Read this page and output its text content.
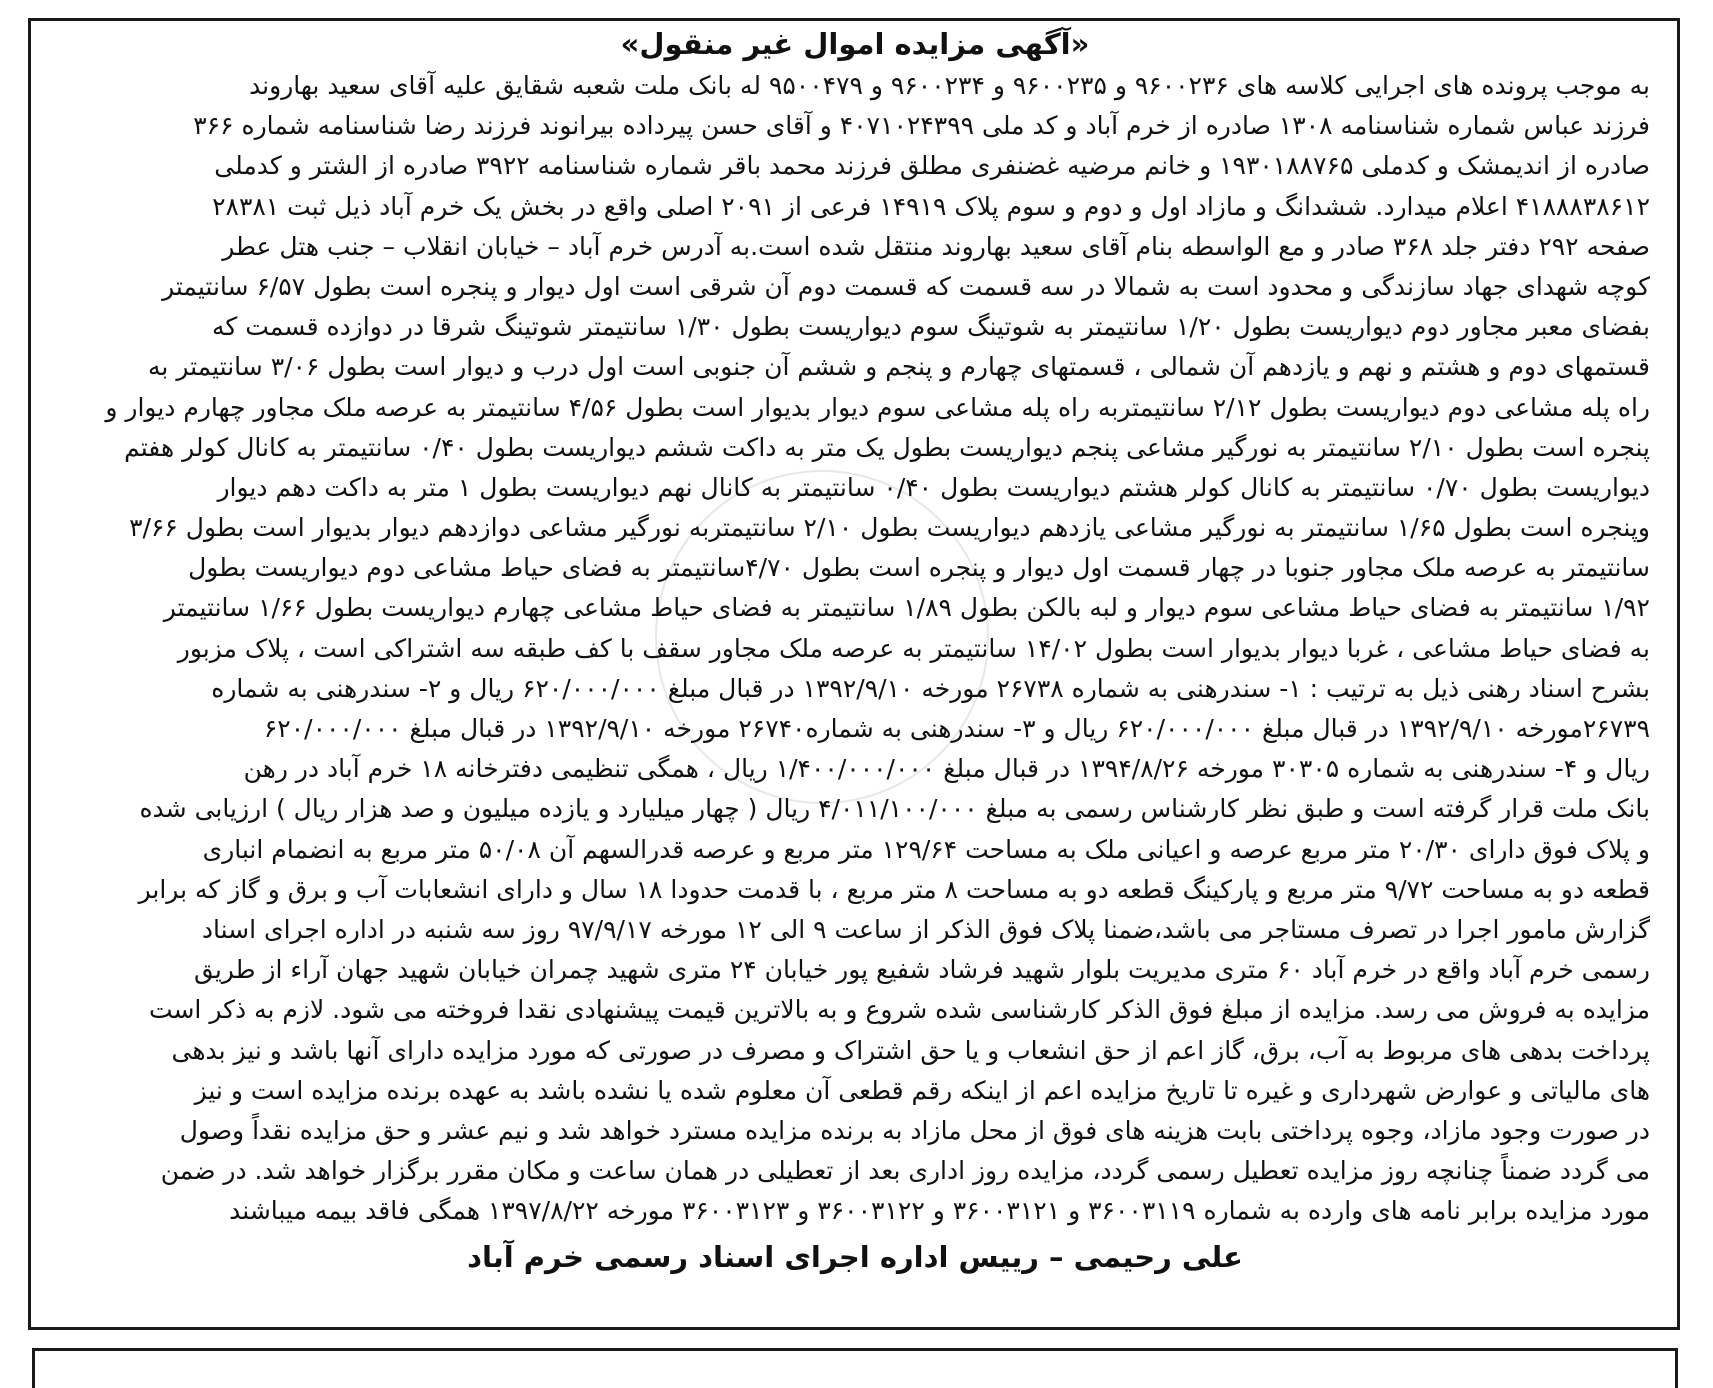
«آگهی مزایده اموال غیر منقول»

به موجب پرونده های اجرایی کلاسه های ۹۶۰۰۲۳۶ و ۹۶۰۰۲۳۵ و ۹۶۰۰۲۳۴ و ۹۵۰۰۴۷۹ له بانک ملت شعبه شقایق علیه آقای سعید بهاروند

فرزند عباس شماره شناسنامه ۱۳۰۸ صادره از خرم آباد و کد ملی ۴۰۷۱۰۲۴۳۹۹ و آقای حسن پیرداده بیرانوند فرزند رضا شناسنامه شماره ۳۶۶

صادره از اندیمشک و کدملی ۱۹۳۰۱۸۸۷۶۵ و خانم مرضیه غضنفری مطلق فرزند محمد باقر شماره شناسنامه ۳۹۲۲ صادره از الشتر و کدملی

۴۱۸۸۸۳۸۶۱۲ اعلام میدارد. ششدانگ و مازاد اول و دوم و سوم پلاک ۱۴۹۱۹ فرعی از ۲۰۹۱ اصلی واقع در بخش یک خرم آباد ذیل ثبت ۲۸۳۸۱

صفحه ۲۹۲ دفتر جلد ۳۶۸ صادر و مع الواسطه بنام آقای سعید بهاروند منتقل شده است.به آدرس خرم آباد – خیابان انقلاب – جنب هتل عطر

کوچه شهدای جهاد سازندگی و محدود است به شمالا در سه قسمت که قسمت دوم آن شرقی است اول دیوار و پنجره است بطول ۶/۵۷ سانتیمتر

بفضای معبر مجاور دوم دیواریست بطول ۱/۲۰ سانتیمتر به شوتینگ سوم دیواریست بطول ۱/۳۰ سانتیمتر شوتینگ شرقا در دوازده قسمت که

قستمهای دوم و هشتم و نهم و یازدهم آن شمالی ، قسمتهای چهارم و پنجم و ششم آن جنوبی است اول درب و دیوار است بطول ۳/۰۶ سانتیمتر به

راه پله مشاعی دوم دیواریست بطول ۲/۱۲ سانتیمتربه راه پله مشاعی سوم دیوار بدیوار است بطول ۴/۵۶ سانتیمتر به عرصه ملک مجاور چهارم دیوار و

پنجره است بطول ۲/۱۰ سانتیمتر به نورگیر مشاعی پنجم دیواریست بطول یک متر به داکت ششم دیواریست بطول ۰/۴۰ سانتیمتر به کانال کولر هفتم

دیواریست بطول ۰/۷۰ سانتیمتر به کانال کولر هشتم دیواریست بطول ۰/۴۰ سانتیمتر به کانال نهم دیواریست بطول ۱ متر به داکت دهم دیوار

وپنجره است بطول ۱/۶۵ سانتیمتر به نورگیر مشاعی یازدهم دیواریست بطول ۲/۱۰ سانتیمتربه نورگیر مشاعی دوازدهم دیوار بدیوار است بطول ۳/۶۶

سانتیمتر به عرصه ملک مجاور جنوبا در چهار قسمت اول دیوار و پنجره است بطول ۴/۷۰سانتیمتر به فضای حیاط مشاعی دوم دیواریست بطول

۱/۹۲ سانتیمتر به فضای حیاط مشاعی سوم دیوار و لبه بالکن بطول ۱/۸۹ سانتیمتر به فضای حیاط مشاعی چهارم دیواریست بطول ۱/۶۶ سانتیمتر

به فضای حیاط مشاعی ، غربا دیوار بدیوار است بطول ۱۴/۰۲ سانتیمتر به عرصه ملک مجاور سقف با کف طبقه سه اشتراکی است ، پلاک مزبور

بشرح اسناد رهنی ذیل به ترتیب : ۱- سندرهنی به شماره ۲۶۷۳۸ مورخه ۱۳۹۲/۹/۱۰ در قبال مبلغ ۶۲۰/۰۰۰/۰۰۰ ریال و ۲- سندرهنی به شماره

۲۶۷۳۹مورخه ۱۳۹۲/۹/۱۰ در قبال مبلغ ۶۲۰/۰۰۰/۰۰۰ ریال و ۳- سندرهنی به شماره۲۶۷۴۰ مورخه ۱۳۹۲/۹/۱۰ در قبال مبلغ ۶۲۰/۰۰۰/۰۰۰

ریال و ۴- سندرهنی به شماره ۳۰۳۰۵ مورخه ۱۳۹۴/۸/۲۶ در قبال مبلغ ۱/۴۰۰/۰۰۰/۰۰۰ ریال ، همگی تنظیمی دفترخانه ۱۸ خرم آباد در رهن

بانک ملت قرار گرفته است و طبق نظر کارشناس رسمی به مبلغ ۴/۰۱۱/۱۰۰/۰۰۰ ریال ( چهار میلیارد و یازده میلیون و صد هزار ریال ) ارزیابی شده

و پلاک فوق دارای ۲۰/۳۰ متر مربع عرصه و اعیانی ملک به مساحت ۱۲۹/۶۴ متر مربع و عرصه قدرالسهم آن ۵۰/۰۸ متر مربع به انضمام انباری

قطعه دو به مساحت ۹/۷۲ متر مربع و پارکینگ قطعه دو به مساحت ۸ متر مربع ، با قدمت حدودا ۱۸ سال و دارای انشعابات آب و برق و گاز که برابر

گزارش مامور اجرا در تصرف مستاجر می باشد،ضمنا پلاک فوق الذکر از ساعت ۹ الی ۱۲ مورخه ۹۷/۹/۱۷ روز سه شنبه در اداره اجرای اسناد

رسمی خرم آباد واقع در خرم آباد ۶۰ متری مدیریت بلوار شهید فرشاد شفیع پور خیابان ۲۴ متری شهید چمران خیابان شهید جهان آراء از طریق

مزایده به فروش می رسد. مزایده از مبلغ فوق الذکر کارشناسی شده شروع و به بالاترین قیمت پیشنهادی نقدا فروخته می شود. لازم به ذکر است

پرداخت بدهی های مربوط به آب، برق، گاز اعم از حق انشعاب و یا حق اشتراک و مصرف در صورتی که مورد مزایده دارای آنها باشد و نیز بدهی

های مالیاتی و عوارض شهرداری و غیره تا تاریخ مزایده اعم از اینکه رقم قطعی آن معلوم شده یا نشده باشد به عهده برنده مزایده است و نیز

در صورت وجود مازاد، وجوه پرداختی بابت هزینه های فوق از محل مازاد به برنده مزایده مسترد خواهد شد و نیم عشر و حق مزایده نقداً وصول

می گردد ضمناً چنانچه روز مزایده تعطیل رسمی گردد، مزایده روز اداری بعد از تعطیلی در همان ساعت و مکان مقرر برگزار خواهد شد. در ضمن

مورد مزایده برابر نامه های وارده به شماره ۳۶۰۰۳۱۱۹ و ۳۶۰۰۳۱۲۱ و ۳۶۰۰۳۱۲۲ و ۳۶۰۰۳۱۲۳ مورخه ۱۳۹۷/۸/۲۲ همگی فاقد بیمه میباشند

علی رحیمی – رییس اداره اجرای اسناد رسمی خرم آباد
